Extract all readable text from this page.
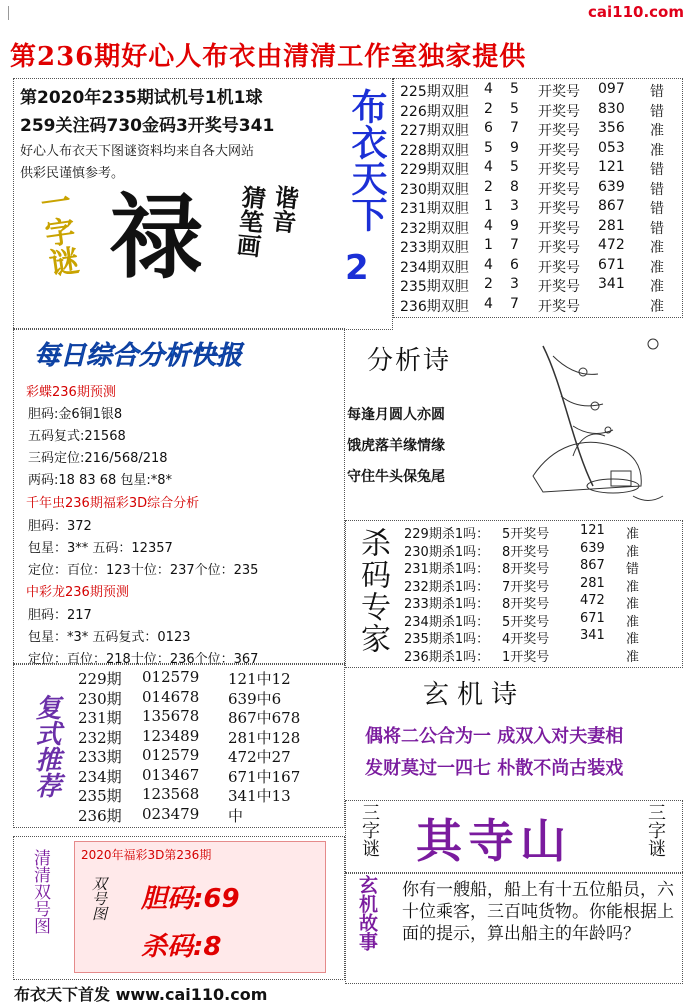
cai110.com
第236期好心人布衣由清清工作室独家提供
第2020年235期试机号1机1球
259关注码730金码3开奖号341
好心人布衣天下图谜资料均来自各大网站
供彩民谨慎参考。
一字谜 禄	谐音
猜笔画 布衣天下
2
225期双胆 4 5 开奖号 097 错
226期双胆 2 5 开奖号 830 错
227期双胆 6 7 开奖号 356 准
228期双胆 5 9 开奖号 053 准
229期双胆 4 5 开奖号 121 错
230期双胆 2 8 开奖号 639 错
231期双胆 1 3 开奖号 867 错
232期双胆 4 9 开奖号 281 错
233期双胆 1 7 开奖号 472 准
234期双胆 4 6 开奖号 671 准
235期双胆 2 3 开奖号 341 准
236期双胆 4 7 开奖号	准
每日综合分析快报
彩蝶236期预测
胆码:金6铜1银8
五码复式:21568
三码定位:216/568/218
两码:18 83 68 包星:*8*
千年虫236期福彩3D综合分析
胆码：372
包星：3** 五码：12357
定位：百位：123十位：237个位：235
中彩龙236期预测
胆码：217
包星：*3* 五码复式：0123
定位：百位：218十位：236个位：367
分析诗
每逢月圆人亦圆
饿虎落羊缘情缘
守住牛头保兔尾
杀码专家	229期杀1吗： 5开奖号 121 准
230期杀1吗： 8开奖号 639 准
231期杀1吗： 8开奖号 867 错
232期杀1吗： 7开奖号 281 准
233期杀1吗： 8开奖号 472 准
234期杀1吗： 5开奖号 671 准
235期杀1吗： 4开奖号 341 准
236期杀1吗： 1开奖号	准
复式推荐
229期 012579 121中12
230期 014678 639中6
231期 135678 867中678
232期 123489 281中128
233期 012579 472中27
234期 013467 671中167
235期 123568 341中13
236期 023479 中
玄机诗
偶将二公合为一 成双入对夫妻相
发财莫过一四七 朴散不尚古装戏
三字谜 其寺山	三字谜
清清双号图	2020年福彩3D第236期
双号图 胆码:69
杀码:8	玄机故事 你有一艘船，船上有十五位船员，六十位乘客，三百吨货物。你能根据上面的提示，算出船主的年龄吗？
布衣天下首发 www.cai110.com
